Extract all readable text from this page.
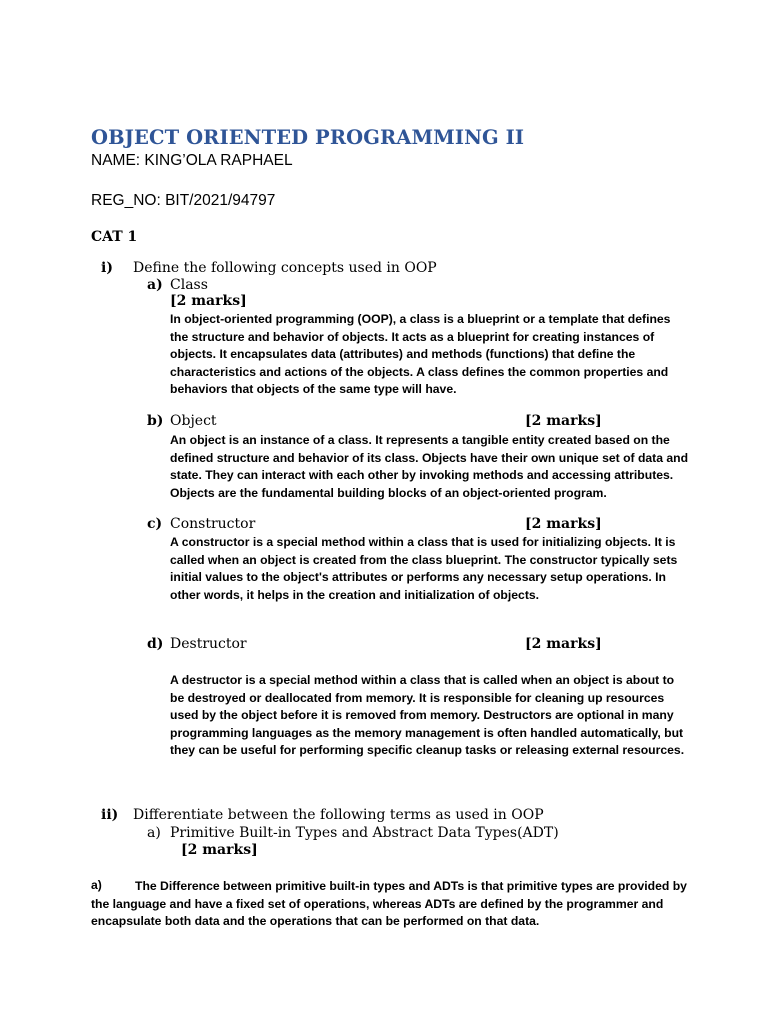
OBJECT ORIENTED PROGRAMMING II
NAME: KING’OLA RAPHAEL
REG_NO: BIT/2021/94797
CAT 1
i) Define the following concepts used in OOP
a) Class
[2 marks]
In object-oriented programming (OOP), a class is a blueprint or a template that defines the structure and behavior of objects. It acts as a blueprint for creating instances of objects. It encapsulates data (attributes) and methods (functions) that define the characteristics and actions of the objects. A class defines the common properties and behaviors that objects of the same type will have.
b) Object	[2 marks]
An object is an instance of a class. It represents a tangible entity created based on the defined structure and behavior of its class. Objects have their own unique set of data and state. They can interact with each other by invoking methods and accessing attributes. Objects are the fundamental building blocks of an object-oriented program.
c) Constructor	[2 marks]
A constructor is a special method within a class that is used for initializing objects. It is called when an object is created from the class blueprint. The constructor typically sets initial values to the object's attributes or performs any necessary setup operations. In other words, it helps in the creation and initialization of objects.
d) Destructor	[2 marks]
A destructor is a special method within a class that is called when an object is about to be destroyed or deallocated from memory. It is responsible for cleaning up resources used by the object before it is removed from memory. Destructors are optional in many programming languages as the memory management is often handled automatically, but they can be useful for performing specific cleanup tasks or releasing external resources.
ii) Differentiate between the following terms as used in OOP
a) Primitive Built-in Types and Abstract Data Types(ADT)
[2 marks]
a)	The Difference between primitive built-in types and ADTs is that primitive types are provided by the language and have a fixed set of operations, whereas ADTs are defined by the programmer and encapsulate both data and the operations that can be performed on that data.
